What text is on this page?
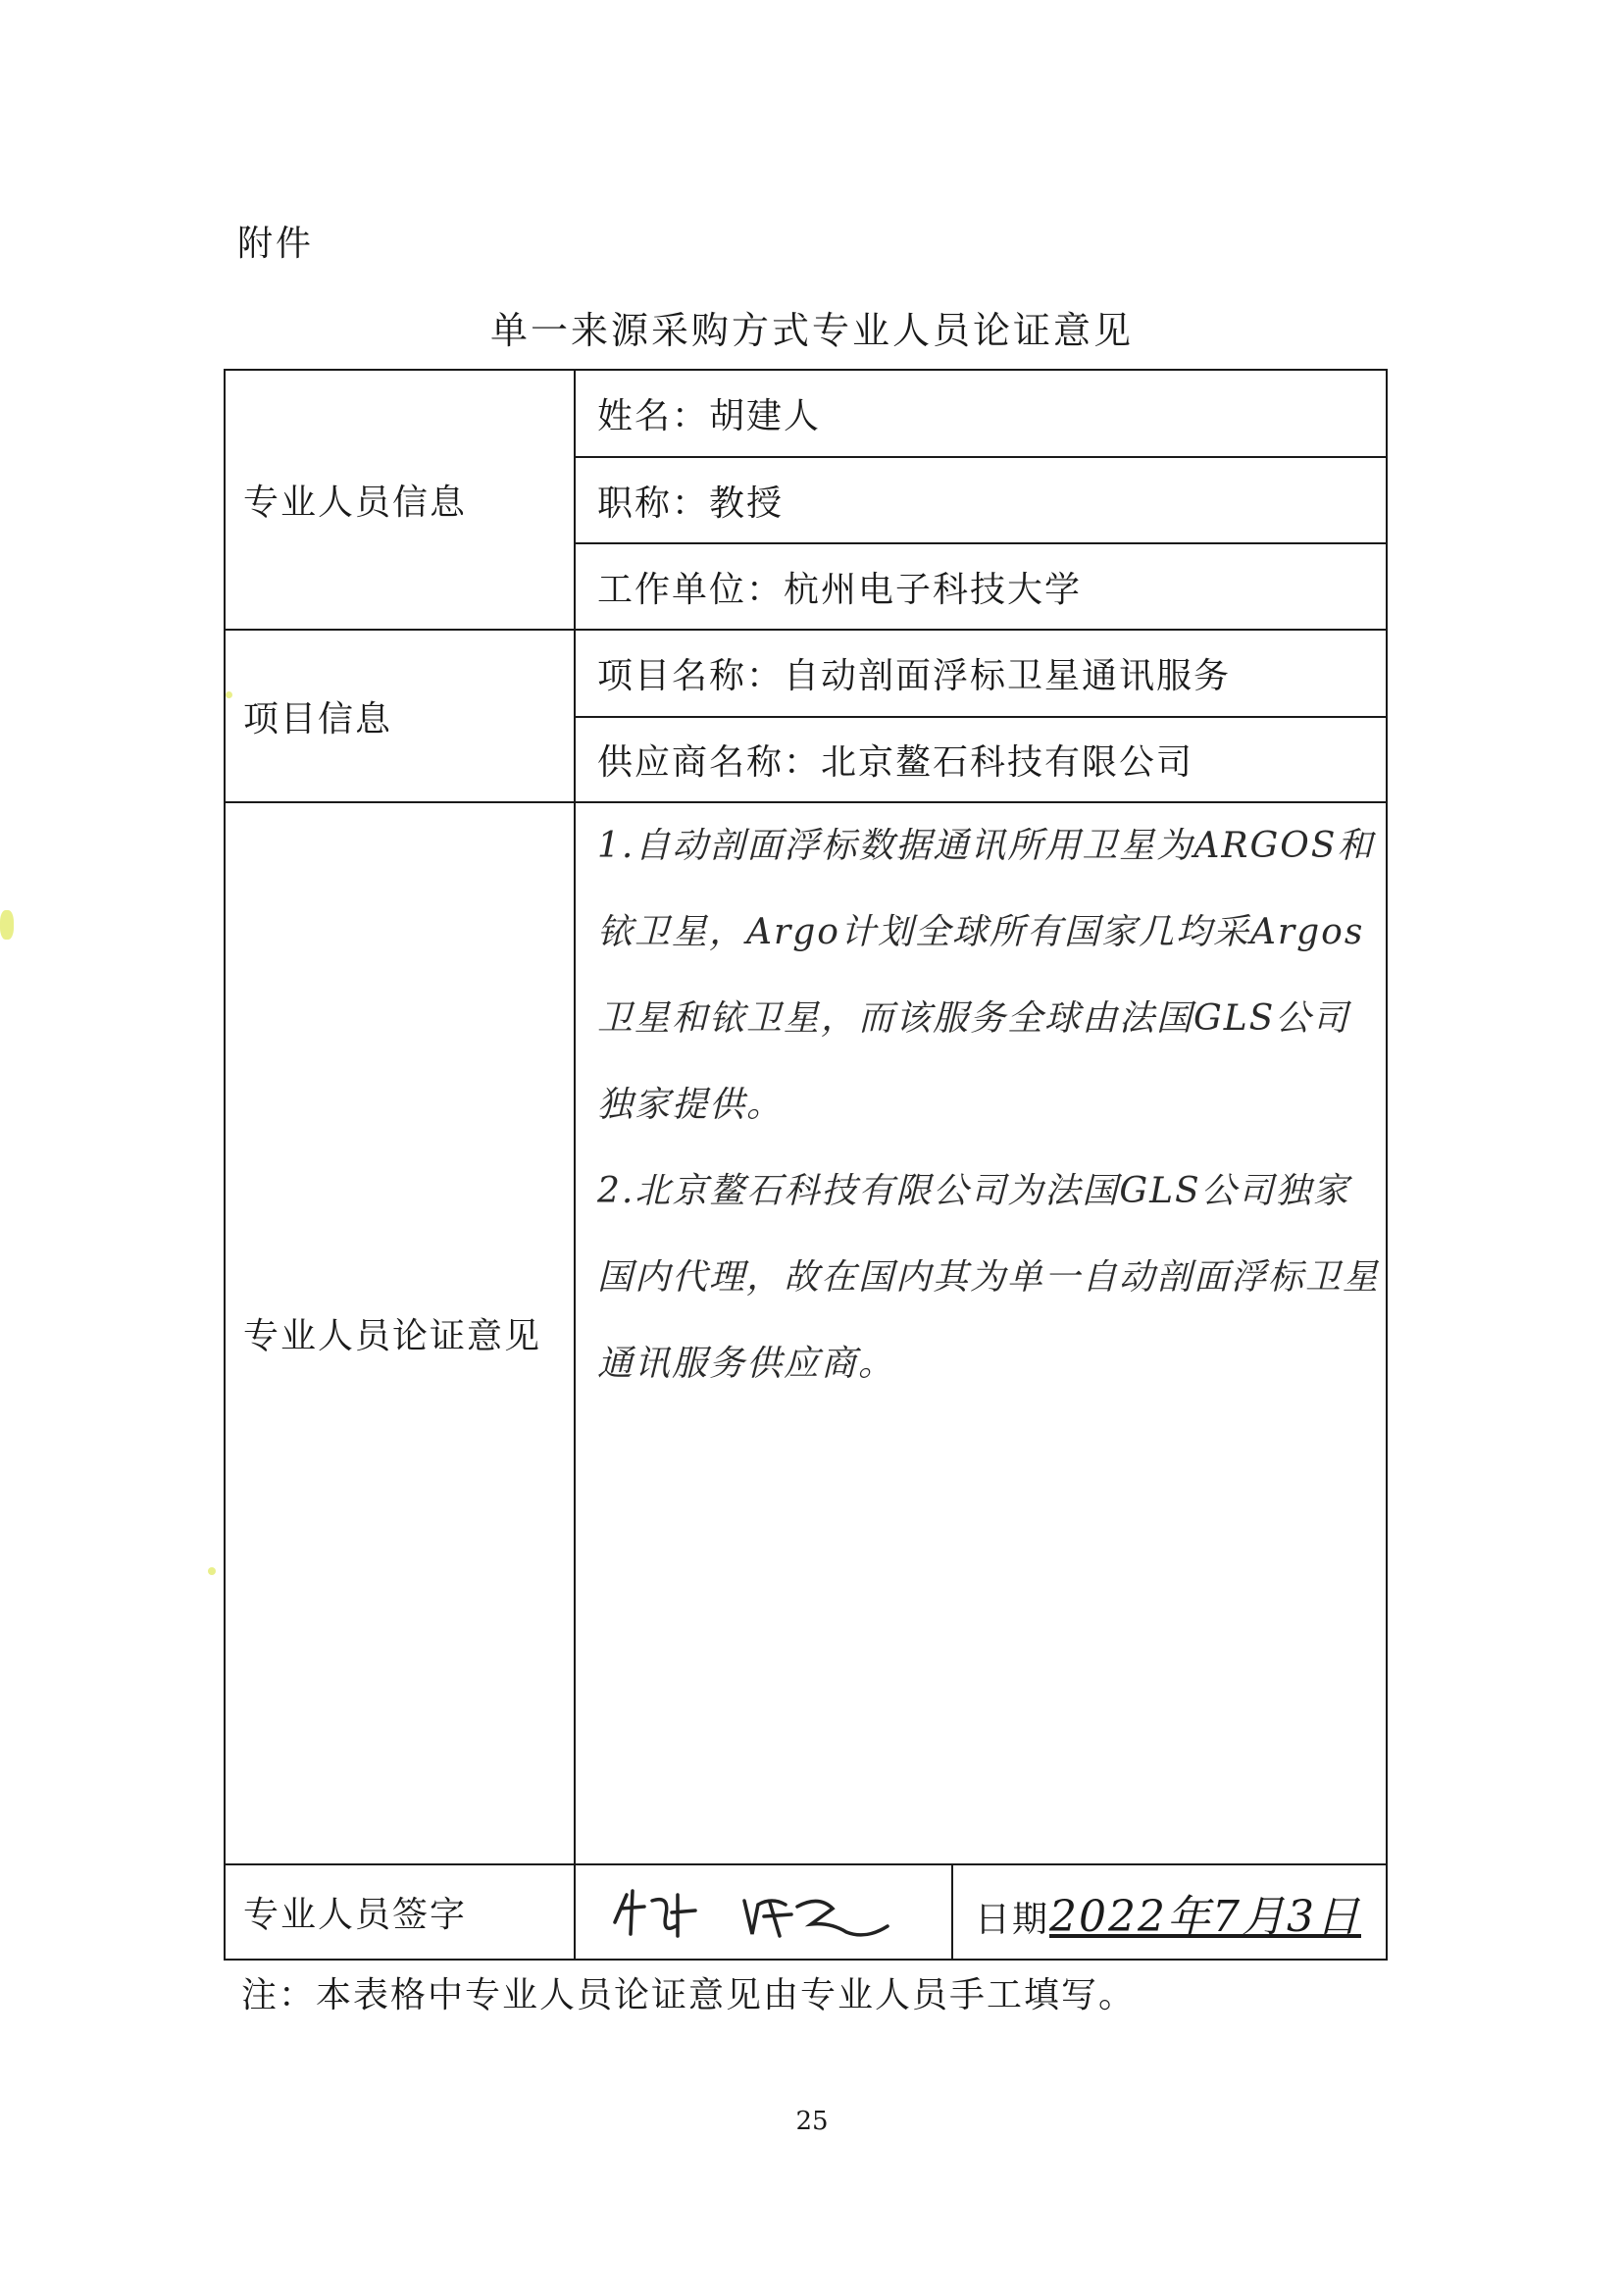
附件
单一来源采购方式专业人员论证意见
专业人员信息	姓名：胡建人	
	职称：教授	
	工作单位：杭州电子科技大学	
项目信息	项目名称：自动剖面浮标卫星通讯服务	
	供应商名称：北京鳌石科技有限公司	
专业人员论证意见	1.自动剖面浮标数据通讯所用卫星为ARGOS和铱卫星，Argo计划全球所有国家几均采Argos卫星和铱卫星，而该服务全球由法国GLS公司独家提供。

2.北京鳌石科技有限公司为法国GLS公司独家国内代理，故在国内其为单一自动剖面浮标卫星通讯服务供应商。	

专业人员签字		日期2022年7月3日
注：本表格中专业人员论证意见由专业人员手工填写。
25
